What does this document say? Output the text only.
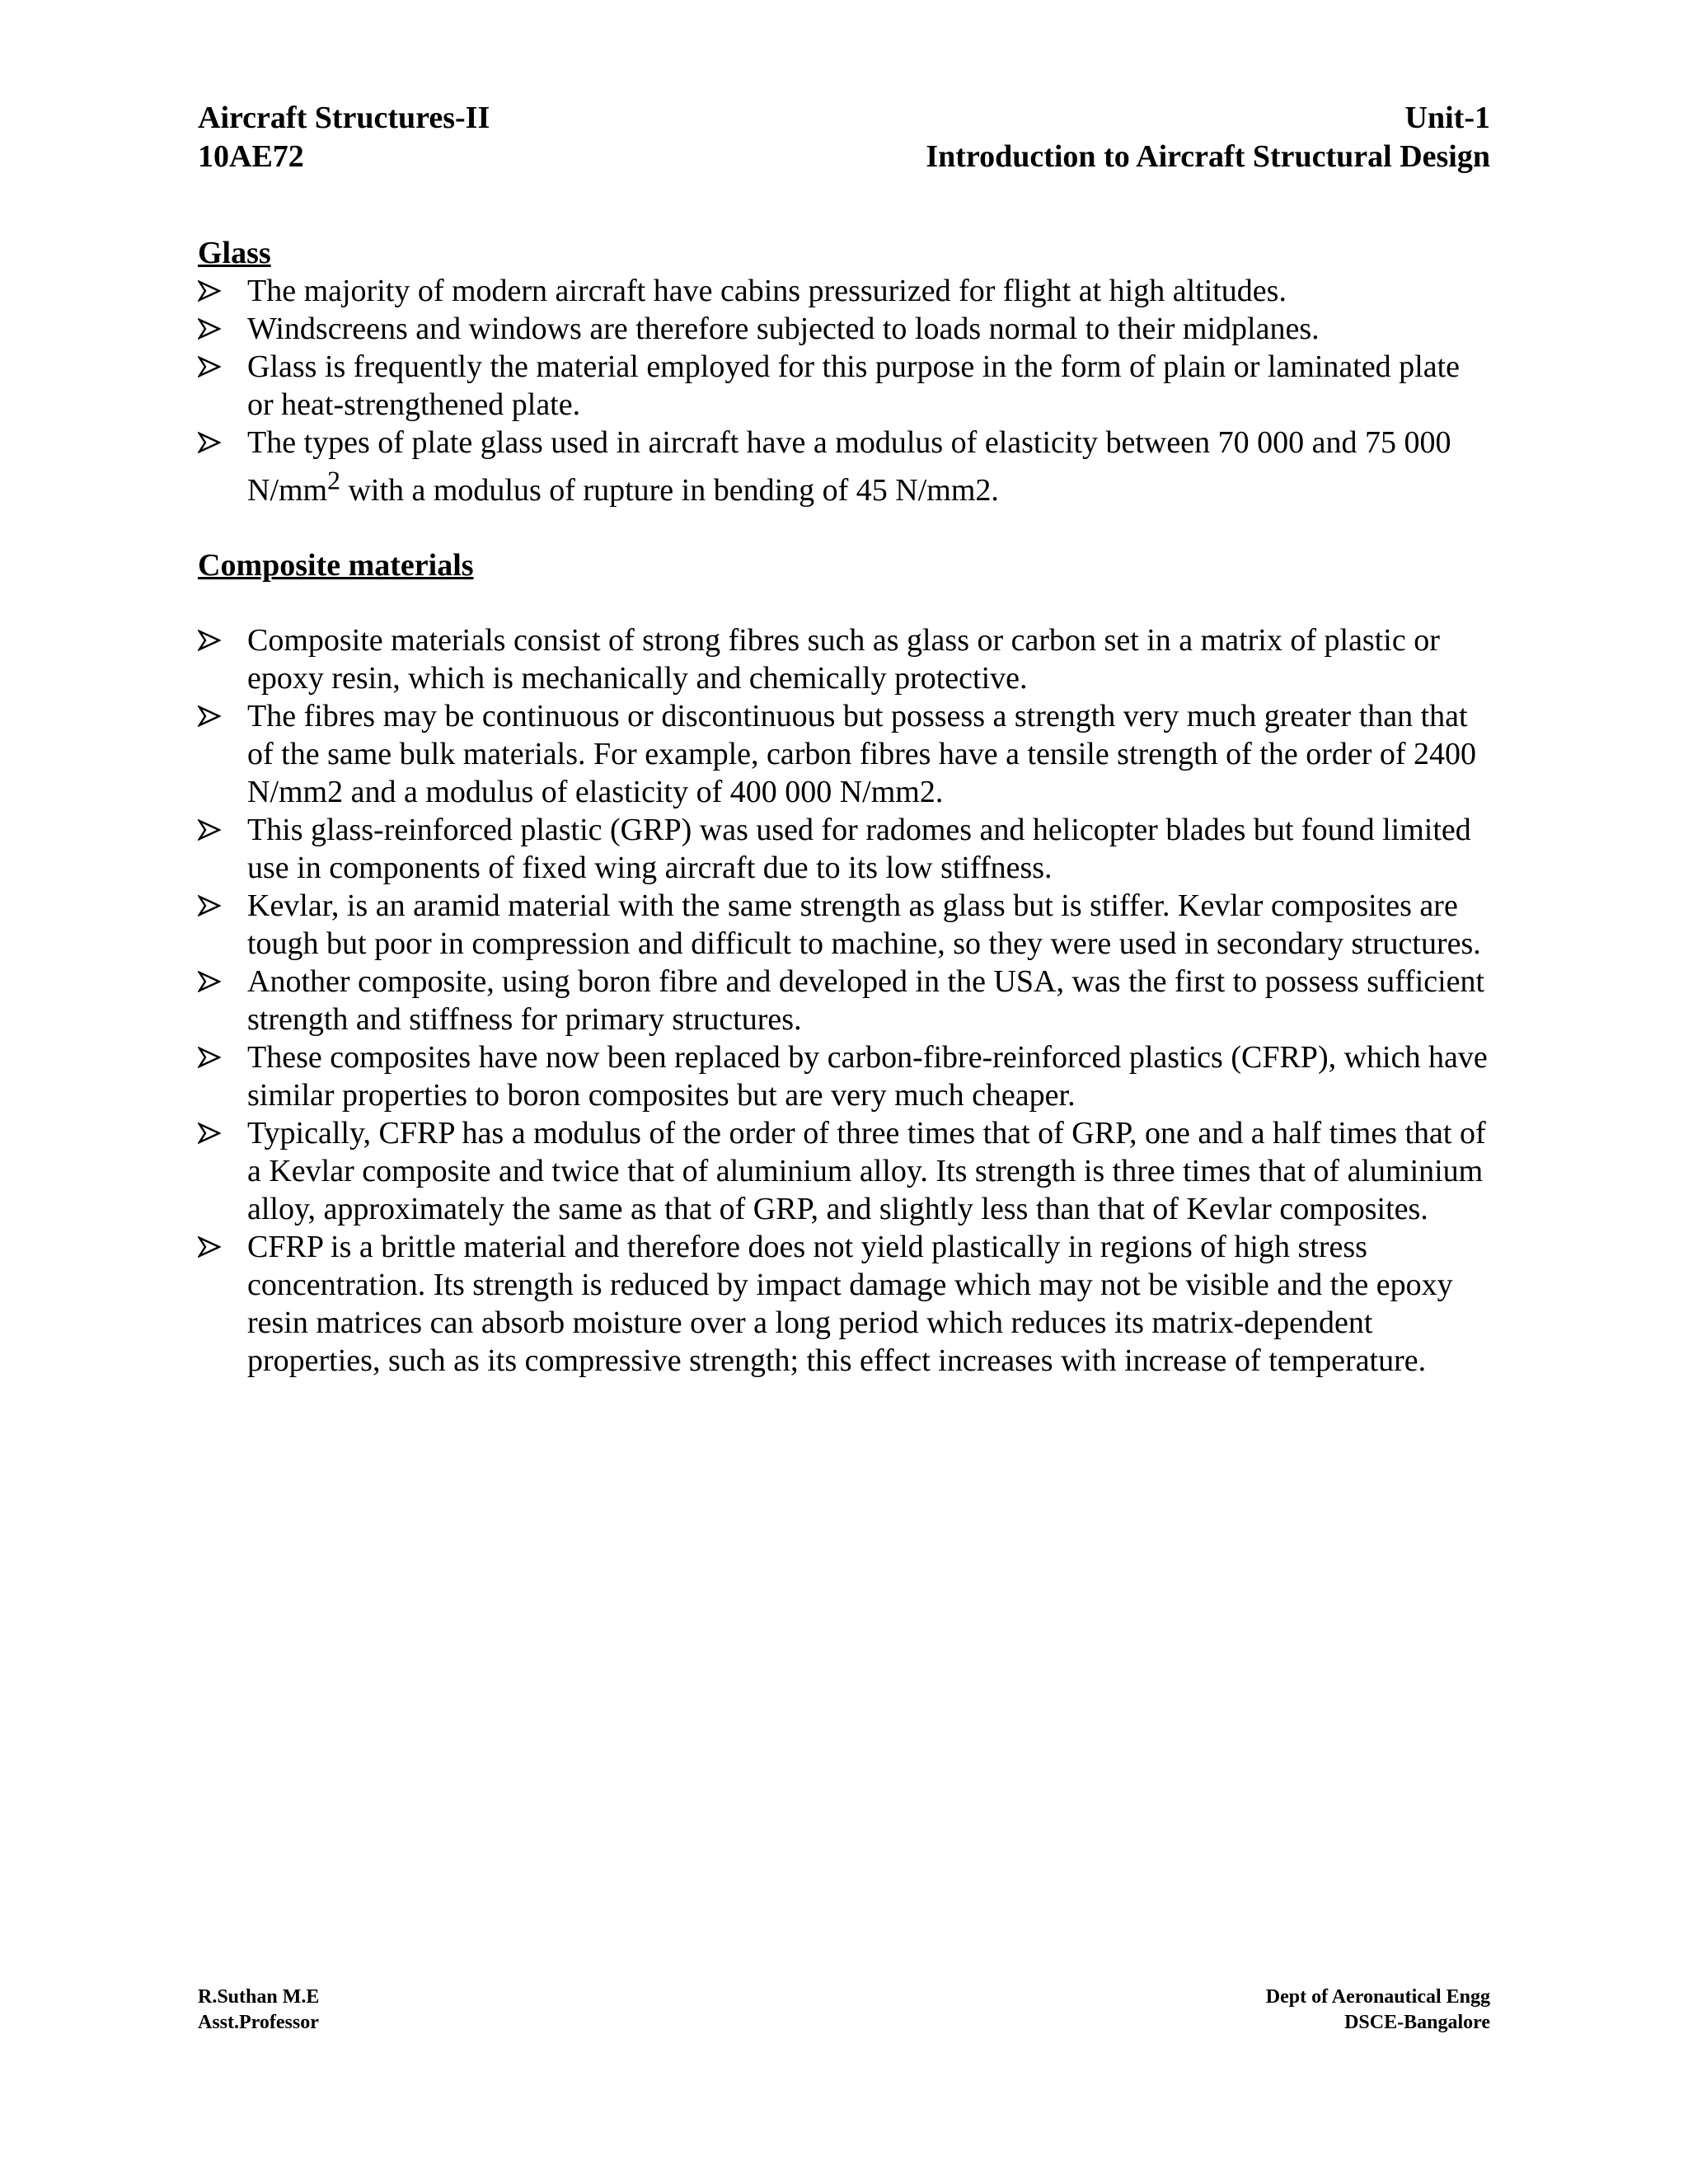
Aircraft Structures-II
10AE72
Unit-1
Introduction to Aircraft Structural Design
Glass
The majority of modern aircraft have cabins pressurized for flight at high altitudes.
Windscreens and windows are therefore subjected to loads normal to their midplanes.
Glass is frequently the material employed for this purpose in the form of plain or laminated plate or heat-strengthened plate.
The types of plate glass used in aircraft have a modulus of elasticity between 70 000 and 75 000 $N/mm^2$ with a modulus of rupture in bending of 45 N/mm2.
Composite materials
Composite materials consist of strong fibres such as glass or carbon set in a matrix of plastic or epoxy resin, which is mechanically and chemically protective.
The fibres may be continuous or discontinuous but possess a strength very much greater than that of the same bulk materials. For example, carbon fibres have a tensile strength of the order of 2400 N/mm2 and a modulus of elasticity of 400 000 N/mm2.
This glass-reinforced plastic (GRP) was used for radomes and helicopter blades but found limited use in components of fixed wing aircraft due to its low stiffness.
Kevlar, is an aramid material with the same strength as glass but is stiffer. Kevlar composites are tough but poor in compression and difficult to machine, so they were used in secondary structures.
Another composite, using boron fibre and developed in the USA, was the first to possess sufficient strength and stiffness for primary structures.
These composites have now been replaced by carbon-fibre-reinforced plastics (CFRP), which have similar properties to boron composites but are very much cheaper.
Typically, CFRP has a modulus of the order of three times that of GRP, one and a half times that of a Kevlar composite and twice that of aluminium alloy. Its strength is three times that of aluminium alloy, approximately the same as that of GRP, and slightly less than that of Kevlar composites.
CFRP is a brittle material and therefore does not yield plastically in regions of high stress concentration. Its strength is reduced by impact damage which may not be visible and the epoxy resin matrices can absorb moisture over a long period which reduces its matrix-dependent properties, such as its compressive strength; this effect increases with increase of temperature.
R.Suthan M.E
Asst.Professor
Dept of Aeronautical Engg
DSCE-Bangalore
